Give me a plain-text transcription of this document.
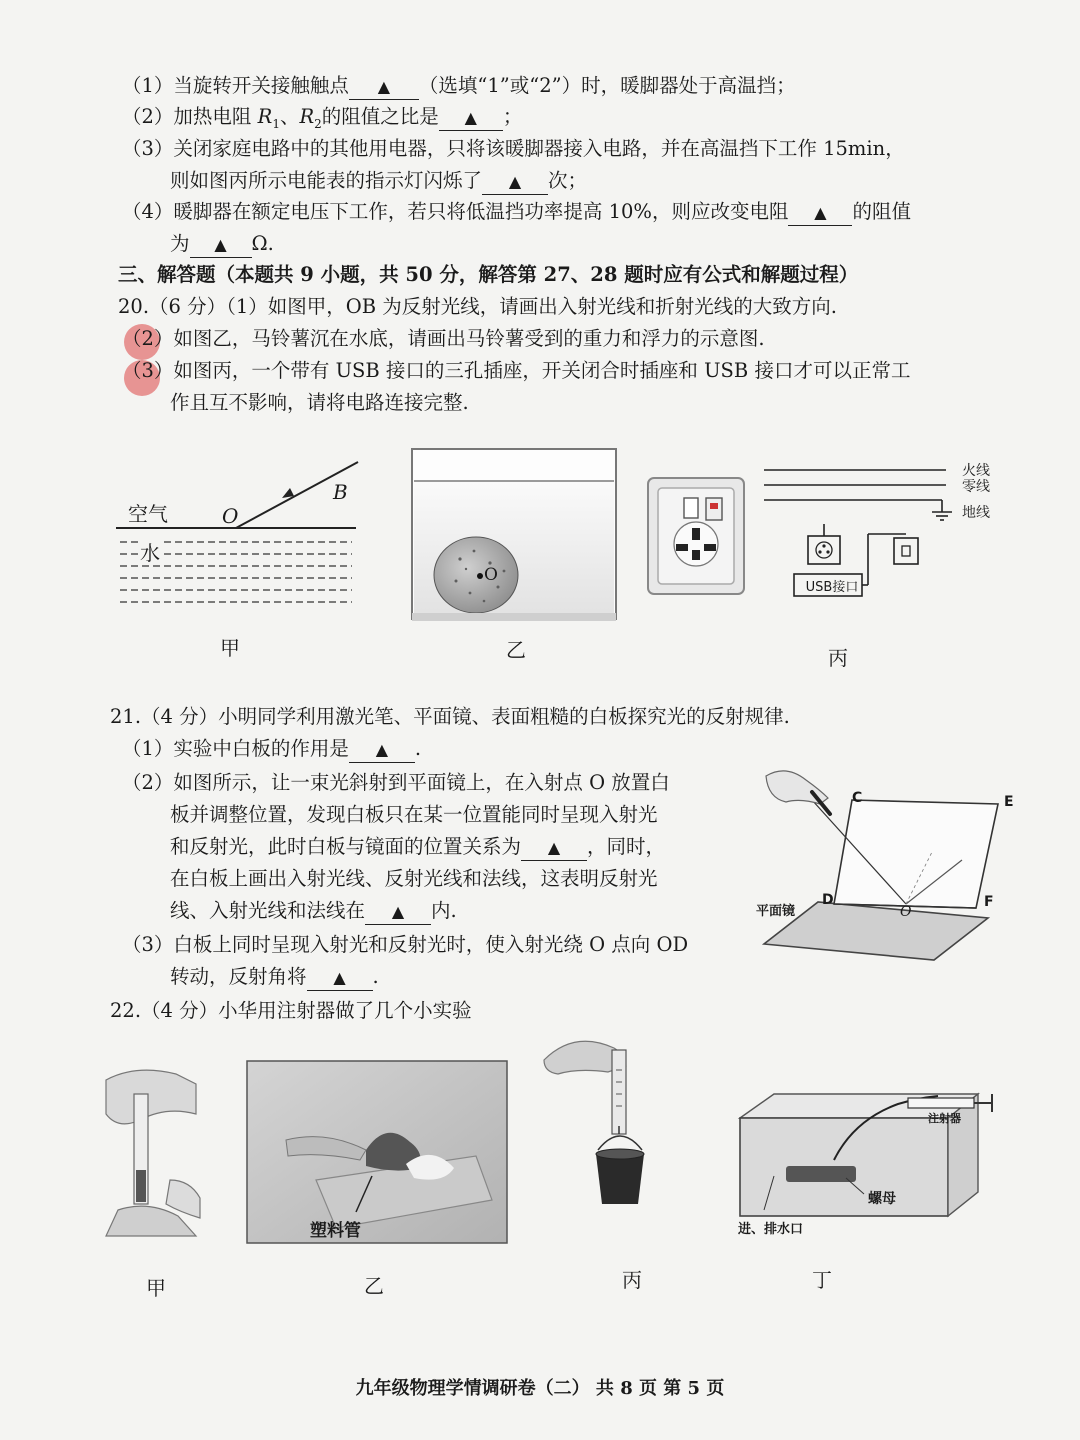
（1）当旋转开关接触触点 ▲ （选填“1”或“2”）时，暖脚器处于高温挡；
（2）加热电阻 $R_1$、$R_2$的阻值之比是 ▲ ；
（3）关闭家庭电路中的其他用电器，只将该暖脚器接入电路，并在高温挡下工作 15min，
则如图丙所示电能表的指示灯闪烁了 ▲ 次；
（4）暖脚器在额定电压下工作，若只将低温挡功率提高 10%，则应改变电阻 ▲ 的阻值
为 ▲ Ω.
三、解答题（本题共 9 小题，共 50 分，解答第 27、28 题时应有公式和解题过程）
20.（6 分）（1）如图甲，OB 为反射光线，请画出入射光线和折射光线的大致方向.
（2）如图乙，马铃薯沉在水底，请画出马铃薯受到的重力和浮力的示意图.
（3）如图丙，一个带有 USB 接口的三孔插座，开关闭合时插座和 USB 接口才可以正常工
作且互不影响，请将电路连接完整.
空气
水
O
B
甲
O
乙
火线
零线
地线
USB接口
丙
21.（4 分）小明同学利用激光笔、平面镜、表面粗糙的白板探究光的反射规律.
（1）实验中白板的作用是 ▲ .
（2）如图所示，让一束光斜射到平面镜上，在入射点 O 放置白
板并调整位置，发现白板只在某一位置能同时呈现入射光
和反射光，此时白板与镜面的位置关系为 ▲ ，同时，
在白板上画出入射光线、反射光线和法线，这表明反射光
线、入射光线和法线在 ▲ 内.
（3）白板上同时呈现入射光和反射光时，使入射光绕 O 点向 OD
转动，反射角将 ▲ .
C	E
D
O
F
平面镜
22.（4 分）小华用注射器做了几个小实验
甲
塑料管
乙	丙
注射器
螺母
进、排水口
丁
九年级物理学情调研卷（二） 共 8 页 第 5 页
